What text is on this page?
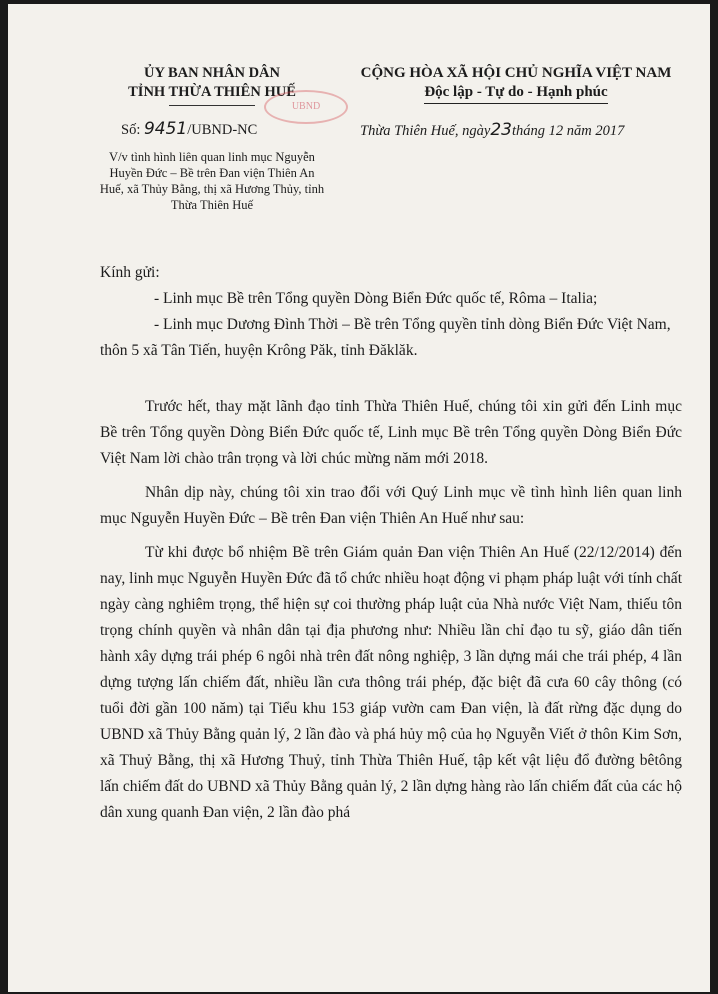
ỦY BAN NHÂN DÂN
TỈNH THỪA THIÊN HUẾ
UBND
CỘNG HÒA XÃ HỘI CHỦ NGHĨA VIỆT NAM
Độc lập - Tự do - Hạnh phúc
Số: 9451/UBND-NC	Thừa Thiên Huế, ngày23tháng 12 năm 2017
V/v tình hình liên quan linh mục Nguyễn Huyền Đức – Bề trên Đan viện Thiên An Huế, xã Thủy Bằng, thị xã Hương Thủy, tỉnh Thừa Thiên Huế

Kính gửi:

- Linh mục Bề trên Tổng quyền Dòng Biển Đức quốc tế, Rôma – Italia;

- Linh mục Dương Đình Thời – Bề trên Tổng quyền tỉnh dòng Biển Đức Việt Nam, thôn 5 xã Tân Tiến, huyện Krông Păk, tỉnh Đăklăk.

Trước hết, thay mặt lãnh đạo tỉnh Thừa Thiên Huế, chúng tôi xin gửi đến Linh mục Bề trên Tổng quyền Dòng Biển Đức quốc tế, Linh mục Bề trên Tổng quyền Dòng Biển Đức Việt Nam lời chào trân trọng và lời chúc mừng năm mới 2018.

Nhân dịp này, chúng tôi xin trao đổi với Quý Linh mục về tình hình liên quan linh mục Nguyễn Huyền Đức – Bề trên Đan viện Thiên An Huế như sau:

Từ khi được bổ nhiệm Bề trên Giám quản Đan viện Thiên An Huế (22/12/2014) đến nay, linh mục Nguyễn Huyền Đức đã tổ chức nhiều hoạt động vi phạm pháp luật với tính chất ngày càng nghiêm trọng, thể hiện sự coi thường pháp luật của Nhà nước Việt Nam, thiếu tôn trọng chính quyền và nhân dân tại địa phương như: Nhiều lần chỉ đạo tu sỹ, giáo dân tiến hành xây dựng trái phép 6 ngôi nhà trên đất nông nghiệp, 3 lần dựng mái che trái phép, 4 lần dựng tượng lấn chiếm đất, nhiều lần cưa thông trái phép, đặc biệt đã cưa 60 cây thông (có tuổi đời gần 100 năm) tại Tiểu khu 153 giáp vườn cam Đan viện, là đất rừng đặc dụng do UBND xã Thủy Bằng quản lý, 2 lần đào và phá hủy mộ của họ Nguyễn Viết ở thôn Kim Sơn, xã Thuỷ Bằng, thị xã Hương Thuỷ, tỉnh Thừa Thiên Huế, tập kết vật liệu đổ đường bêtông lấn chiếm đất do UBND xã Thủy Bằng quản lý, 2 lần dựng hàng rào lấn chiếm đất của các hộ dân xung quanh Đan viện, 2 lần đào phá
